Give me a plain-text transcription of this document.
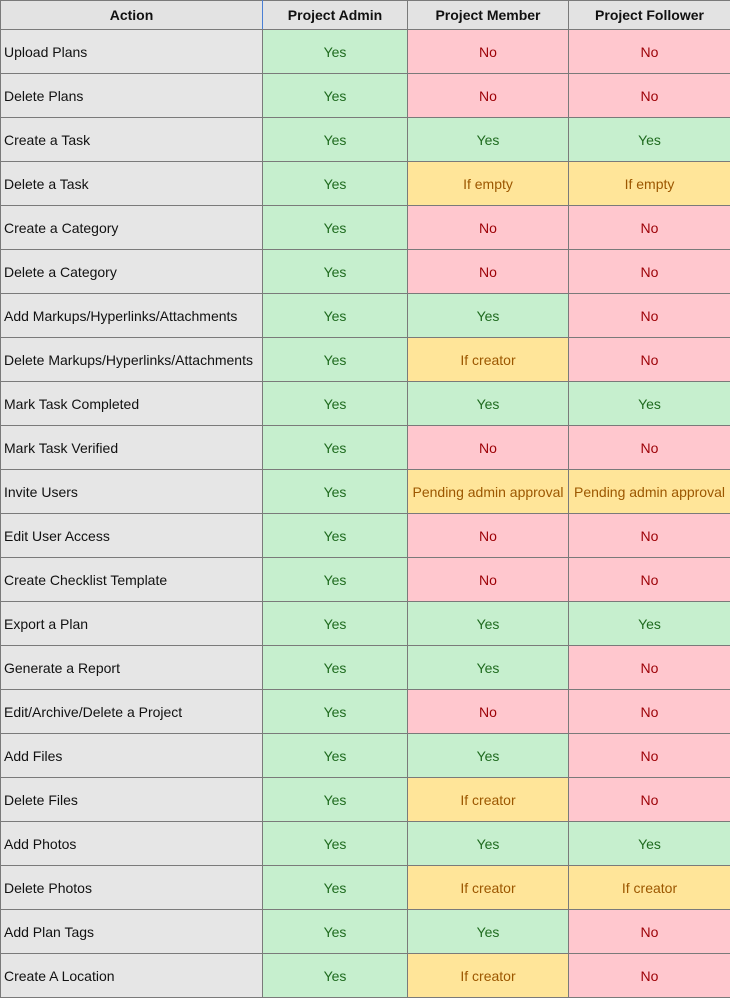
Action	Project Admin	Project Member	Project Follower
Upload Plans	Yes	No	No
Delete Plans	Yes	No	No
Create a Task	Yes	Yes	Yes
Delete a Task	Yes	If empty	If empty
Create a Category	Yes	No	No
Delete a Category	Yes	No	No
Add Markups/Hyperlinks/Attachments	Yes	Yes	No
Delete Markups/Hyperlinks/Attachments	Yes	If creator	No
Mark Task Completed	Yes	Yes	Yes
Mark Task Verified	Yes	No	No
Invite Users	Yes	Pending admin approval	Pending admin approval
Edit User Access	Yes	No	No
Create Checklist Template	Yes	No	No
Export a Plan	Yes	Yes	Yes
Generate a Report	Yes	Yes	No
Edit/Archive/Delete a Project	Yes	No	No
Add Files	Yes	Yes	No
Delete Files	Yes	If creator	No
Add Photos	Yes	Yes	Yes
Delete Photos	Yes	If creator	If creator
Add Plan Tags	Yes	Yes	No
Create A Location	Yes	If creator	No
